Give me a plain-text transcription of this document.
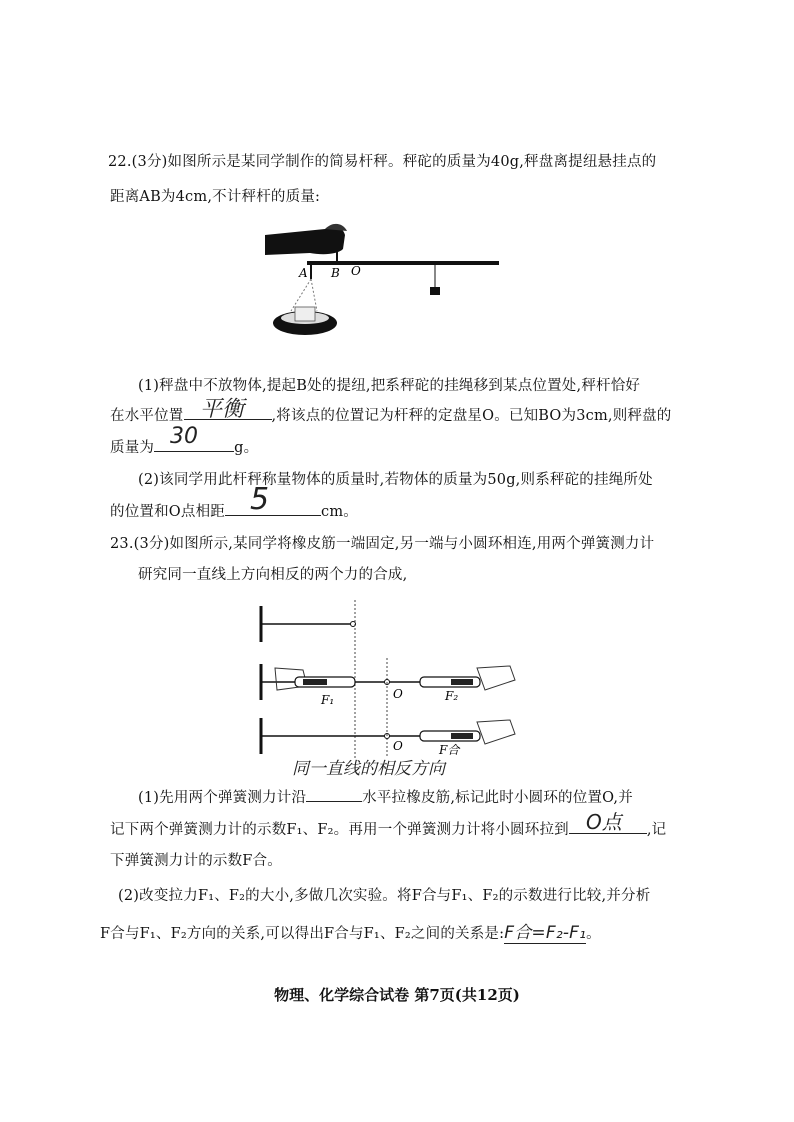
22.(3分)如图所示是某同学制作的简易杆秤。秤砣的质量为40g,秤盘离提纽悬挂点的
距离AB为4cm,不计秤杆的质量:
A B O
(1)秤盘中不放物体,提起B处的提纽,把系秤砣的挂绳移到某点位置处,秤杆恰好
在水平位置	,将该点的位置记为杆秤的定盘星O。已知BO为3cm,则秤盘的
平衡
质量为	g。
30
(2)该同学用此杆秤称量物体的质量时,若物体的质量为50g,则系秤砣的挂绳所处
的位置和O点相距	cm。
5
23.(3分)如图所示,某同学将橡皮筋一端固定,另一端与小圆环相连,用两个弹簧测力计
研究同一直线上方向相反的两个力的合成,
F₁	O	F₂
O	F合
同一直线的相反方向
(1)先用两个弹簧测力计沿	水平拉橡皮筋,标记此时小圆环的位置O,并
记下两个弹簧测力计的示数F₁、F₂。再用一个弹簧测力计将小圆环拉到	,记
O点
下弹簧测力计的示数F合。
(2)改变拉力F₁、F₂的大小,多做几次实验。将F合与F₁、F₂的示数进行比较,并分析
F合与F₁、F₂方向的关系,可以得出F合与F₁、F₂之间的关系是:F合=F₂-F₁。
物理、化学综合试卷 第7页(共12页)
